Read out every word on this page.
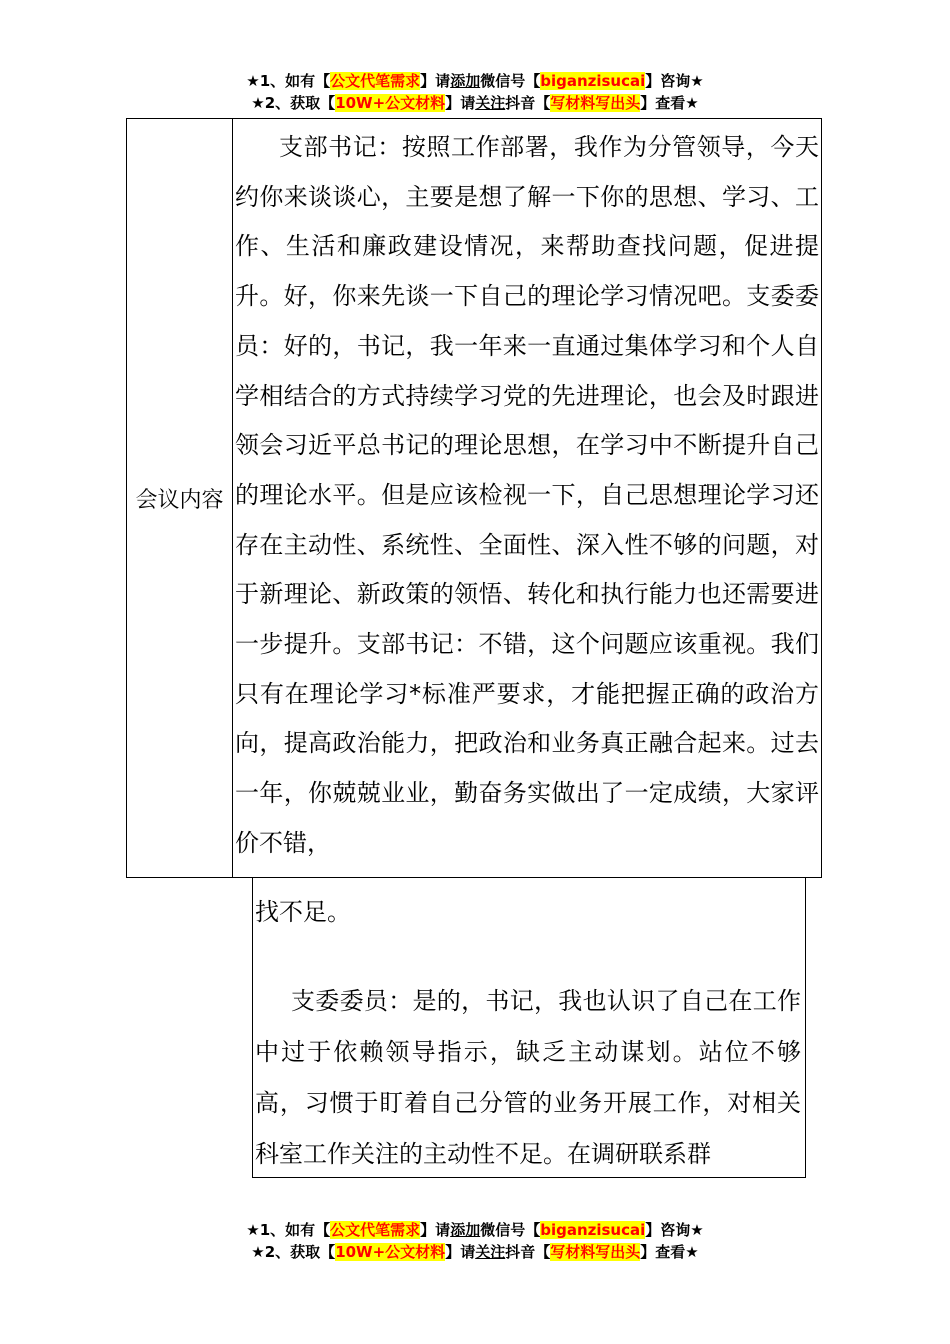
★1、如有【公文代笔需求】请添加微信号【biganzisucai】咨询★
★2、获取【10W+公文材料】请关注抖音【写材料写出头】查看★
会议内容

支部书记：按照工作部署，我作为分管领导，今天约你来谈谈心，主要是想了解一下你的思想、学习、工作、生活和廉政建设情况，来帮助查找问题，促进提升。好，你来先谈一下自己的理论学习情况吧。支委委员：好的，书记，我一年来一直通过集体学习和个人自学相结合的方式持续学习党的先进理论，也会及时跟进领会习近平总书记的理论思想，在学习中不断提升自己的理论水平。但是应该检视一下，自己思想理论学习还存在主动性、系统性、全面性、深入性不够的问题，对于新理论、新政策的领悟、转化和执行能力也还需要进一步提升。支部书记：不错，这个问题应该重视。我们只有在理论学习*标准严要求，才能把握正确的政治方向，提高政治能力，把政治和业务真正融合起来。过去一年，你兢兢业业，勤奋务实做出了一定成绩，大家评价不错，

找不足。

支委委员：是的，书记，我也认识了自己在工作中过于依赖领导指示，缺乏主动谋划。站位不够高，习惯于盯着自己分管的业务开展工作，对相关科室工作关注的主动性不足。在调研联系群

★1、如有【公文代笔需求】请添加微信号【biganzisucai】咨询★
★2、获取【10W+公文材料】请关注抖音【写材料写出头】查看★
